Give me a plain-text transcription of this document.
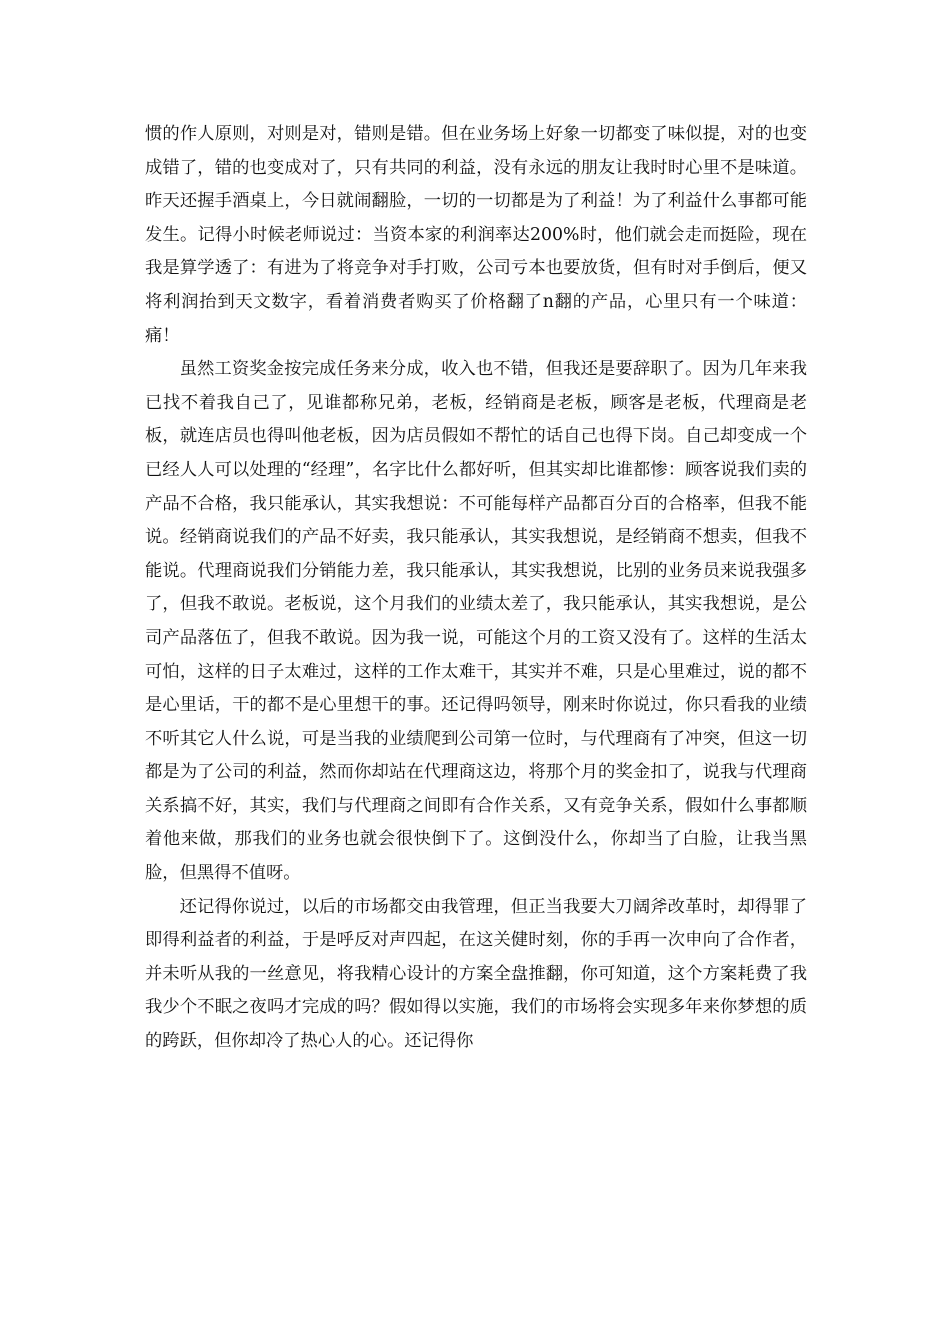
惯的作人原则，对则是对，错则是错。但在业务场上好象一切都变了味似提，对的也变成错了，错的也变成对了，只有共同的利益，没有永远的朋友让我时时心里不是味道。昨天还握手酒桌上，今日就闹翻脸，一切的一切都是为了利益！为了利益什么事都可能发生。记得小时候老师说过：当资本家的利润率达200%时，他们就会走而挺险，现在我是算学透了：有进为了将竞争对手打败，公司亏本也要放货，但有时对手倒后，便又将利润抬到天文数字，看着消费者购买了价格翻了n翻的产品，心里只有一个味道：痛！

虽然工资奖金按完成任务来分成，收入也不错，但我还是要辞职了。因为几年来我已找不着我自己了，见谁都称兄弟，老板，经销商是老板，顾客是老板，代理商是老板，就连店员也得叫他老板，因为店员假如不帮忙的话自己也得下岗。自己却变成一个已经人人可以处理的“经理”，名字比什么都好听，但其实却比谁都惨：顾客说我们卖的产品不合格，我只能承认，其实我想说：不可能每样产品都百分百的合格率，但我不能说。经销商说我们的产品不好卖，我只能承认，其实我想说，是经销商不想卖，但我不能说。代理商说我们分销能力差，我只能承认，其实我想说，比别的业务员来说我强多了，但我不敢说。老板说，这个月我们的业绩太差了，我只能承认，其实我想说，是公司产品落伍了，但我不敢说。因为我一说，可能这个月的工资又没有了。这样的生活太可怕，这样的日子太难过，这样的工作太难干，其实并不难，只是心里难过，说的都不是心里话，干的都不是心里想干的事。还记得吗领导，刚来时你说过，你只看我的业绩不听其它人什么说，可是当我的业绩爬到公司第一位时，与代理商有了冲突，但这一切都是为了公司的利益，然而你却站在代理商这边，将那个月的奖金扣了，说我与代理商关系搞不好，其实，我们与代理商之间即有合作关系，又有竞争关系，假如什么事都顺着他来做，那我们的业务也就会很快倒下了。这倒没什么，你却当了白脸，让我当黑脸，但黑得不值呀。

还记得你说过，以后的市场都交由我管理，但正当我要大刀阔斧改革时，却得罪了即得利益者的利益，于是呼反对声四起，在这关健时刻，你的手再一次申向了合作者，并未听从我的一丝意见，将我精心设计的方案全盘推翻，你可知道，这个方案耗费了我我少个不眠之夜吗才完成的吗？假如得以实施，我们的市场将会实现多年来你梦想的质的跨跃，但你却冷了热心人的心。还记得你
